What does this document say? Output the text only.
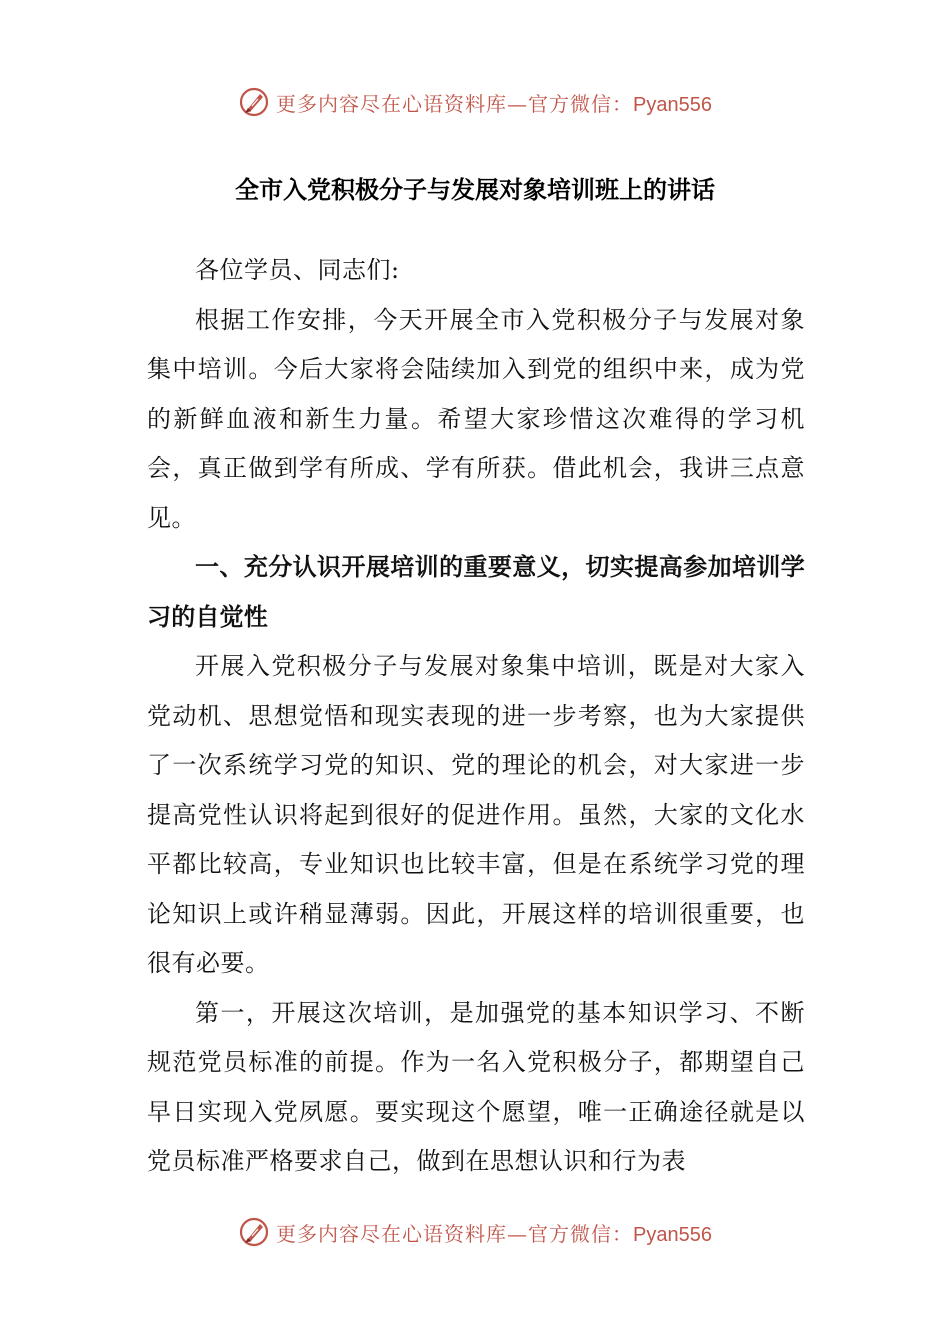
更多内容尽在心语资料库—官方微信：Pyan556
全市入党积极分子与发展对象培训班上的讲话

各位学员、同志们:

根据工作安排，今天开展全市入党积极分子与发展对象集中培训。今后大家将会陆续加入到党的组织中来，成为党的新鲜血液和新生力量。希望大家珍惜这次难得的学习机会，真正做到学有所成、学有所获。借此机会，我讲三点意见。

一、充分认识开展培训的重要意义，切实提高参加培训学习的自觉性

开展入党积极分子与发展对象集中培训，既是对大家入党动机、思想觉悟和现实表现的进一步考察，也为大家提供了一次系统学习党的知识、党的理论的机会，对大家进一步提高党性认识将起到很好的促进作用。虽然，大家的文化水平都比较高，专业知识也比较丰富，但是在系统学习党的理论知识上或许稍显薄弱。因此，开展这样的培训很重要，也很有必要。

第一，开展这次培训，是加强党的基本知识学习、不断规范党员标准的前提。作为一名入党积极分子，都期望自己早日实现入党夙愿。要实现这个愿望，唯一正确途径就是以党员标准严格要求自己，做到在思想认识和行为表

更多内容尽在心语资料库—官方微信：Pyan556
